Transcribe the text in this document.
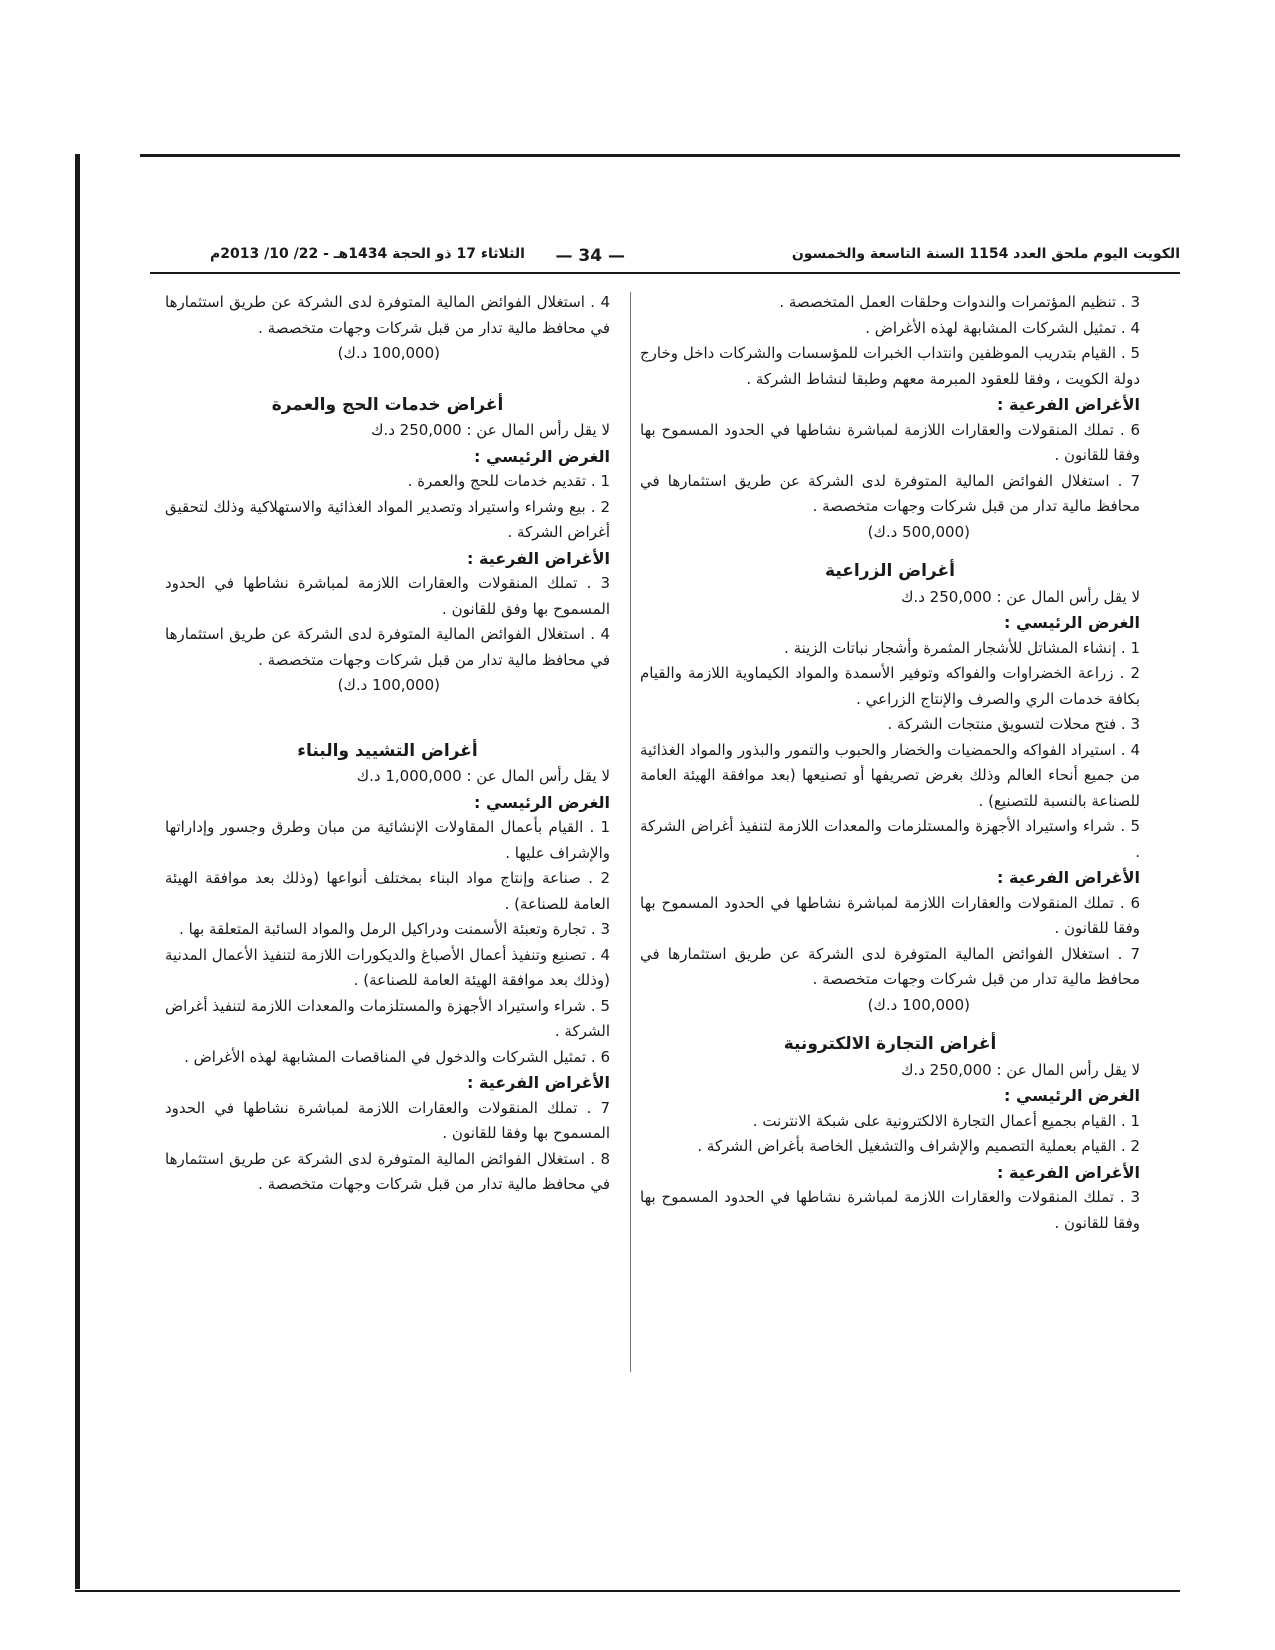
الكويت اليوم ملحق العدد 1154 السنة التاسعة والخمسون
— 34 —
الثلاثاء 17 ذو الحجة 1434هـ - 22/ 10/ 2013م
3 . تنظيم المؤتمرات والندوات وحلقات العمل المتخصصة .
4 . تمثيل الشركات المشابهة لهذه الأغراض .
5 . القيام بتدريب الموظفين وانتداب الخبرات للمؤسسات والشركات داخل وخارج دولة الكويت ، وفقا للعقود المبرمة معهم وطبقا لنشاط الشركة .
الأغراض الفرعية :
6 . تملك المنقولات والعقارات اللازمة لمباشرة نشاطها في الحدود المسموح بها وفقا للقانون .
7 . استغلال الفوائض المالية المتوفرة لدى الشركة عن طريق استثمارها في محافظ مالية تدار من قبل شركات وجهات متخصصة .
(500,000 د.ك)
أغراض الزراعية
لا يقل رأس المال عن : 250,000 د.ك
الغرض الرئيسي :
1 . إنشاء المشاتل للأشجار المثمرة وأشجار نباتات الزينة .
2 . زراعة الخضراوات والفواكه وتوفير الأسمدة والمواد الكيماوية اللازمة والقيام بكافة خدمات الري والصرف والإنتاج الزراعي .
3 . فتح محلات لتسويق منتجات الشركة .
4 . استيراد الفواكه والحمضيات والخضار والحبوب والتمور والبذور والمواد الغذائية من جميع أنحاء العالم وذلك بغرض تصريفها أو تصنيعها (بعد موافقة الهيئة العامة للصناعة بالنسبة للتصنيع) .
5 . شراء واستيراد الأجهزة والمستلزمات والمعدات اللازمة لتنفيذ أغراض الشركة .
الأغراض الفرعية :
6 . تملك المنقولات والعقارات اللازمة لمباشرة نشاطها في الحدود المسموح بها وفقا للقانون .
7 . استغلال الفوائض المالية المتوفرة لدى الشركة عن طريق استثمارها في محافظ مالية تدار من قبل شركات وجهات متخصصة .
(100,000 د.ك)
أغراض التجارة الالكترونية
لا يقل رأس المال عن : 250,000 د.ك
الغرض الرئيسي :
1 . القيام بجميع أعمال التجارة الالكترونية على شبكة الانترنت .
2 . القيام بعملية التصميم والإشراف والتشغيل الخاصة بأغراض الشركة .
الأغراض الفرعية :
3 . تملك المنقولات والعقارات اللازمة لمباشرة نشاطها في الحدود المسموح بها وفقا للقانون .
4 . استغلال الفوائض المالية المتوفرة لدى الشركة عن طريق استثمارها في محافظ مالية تدار من قبل شركات وجهات متخصصة .
(100,000 د.ك)
أغراض خدمات الحج والعمرة
لا يقل رأس المال عن : 250,000 د.ك
الغرض الرئيسي :
1 . تقديم خدمات للحج والعمرة .
2 . بيع وشراء واستيراد وتصدير المواد الغذائية والاستهلاكية وذلك لتحقيق أغراض الشركة .
الأغراض الفرعية :
3 . تملك المنقولات والعقارات اللازمة لمباشرة نشاطها في الحدود المسموح بها وفق للقانون .
4 . استغلال الفوائض المالية المتوفرة لدى الشركة عن طريق استثمارها في محافظ مالية تدار من قبل شركات وجهات متخصصة .
(100,000 د.ك)
أغراض التشييد والبناء
لا يقل رأس المال عن : 1,000,000 د.ك
الغرض الرئيسي :
1 . القيام بأعمال المقاولات الإنشائية من مبان وطرق وجسور وإداراتها والإشراف عليها .
2 . صناعة وإنتاج مواد البناء بمختلف أنواعها (وذلك بعد موافقة الهيئة العامة للصناعة) .
3 . تجارة وتعبئة الأسمنت ودراكيل الرمل والمواد السائبة المتعلقة بها .
4 . تصنيع وتنفيذ أعمال الأصباغ والديكورات اللازمة لتنفيذ الأعمال المدنية (وذلك بعد موافقة الهيئة العامة للصناعة) .
5 . شراء واستيراد الأجهزة والمستلزمات والمعدات اللازمة لتنفيذ أغراض الشركة .
6 . تمثيل الشركات والدخول في المناقصات المشابهة لهذه الأغراض .
الأغراض الفرعية :
7 . تملك المنقولات والعقارات اللازمة لمباشرة نشاطها في الحدود المسموح بها وفقا للقانون .
8 . استغلال الفوائض المالية المتوفرة لدى الشركة عن طريق استثمارها في محافظ مالية تدار من قبل شركات وجهات متخصصة .
